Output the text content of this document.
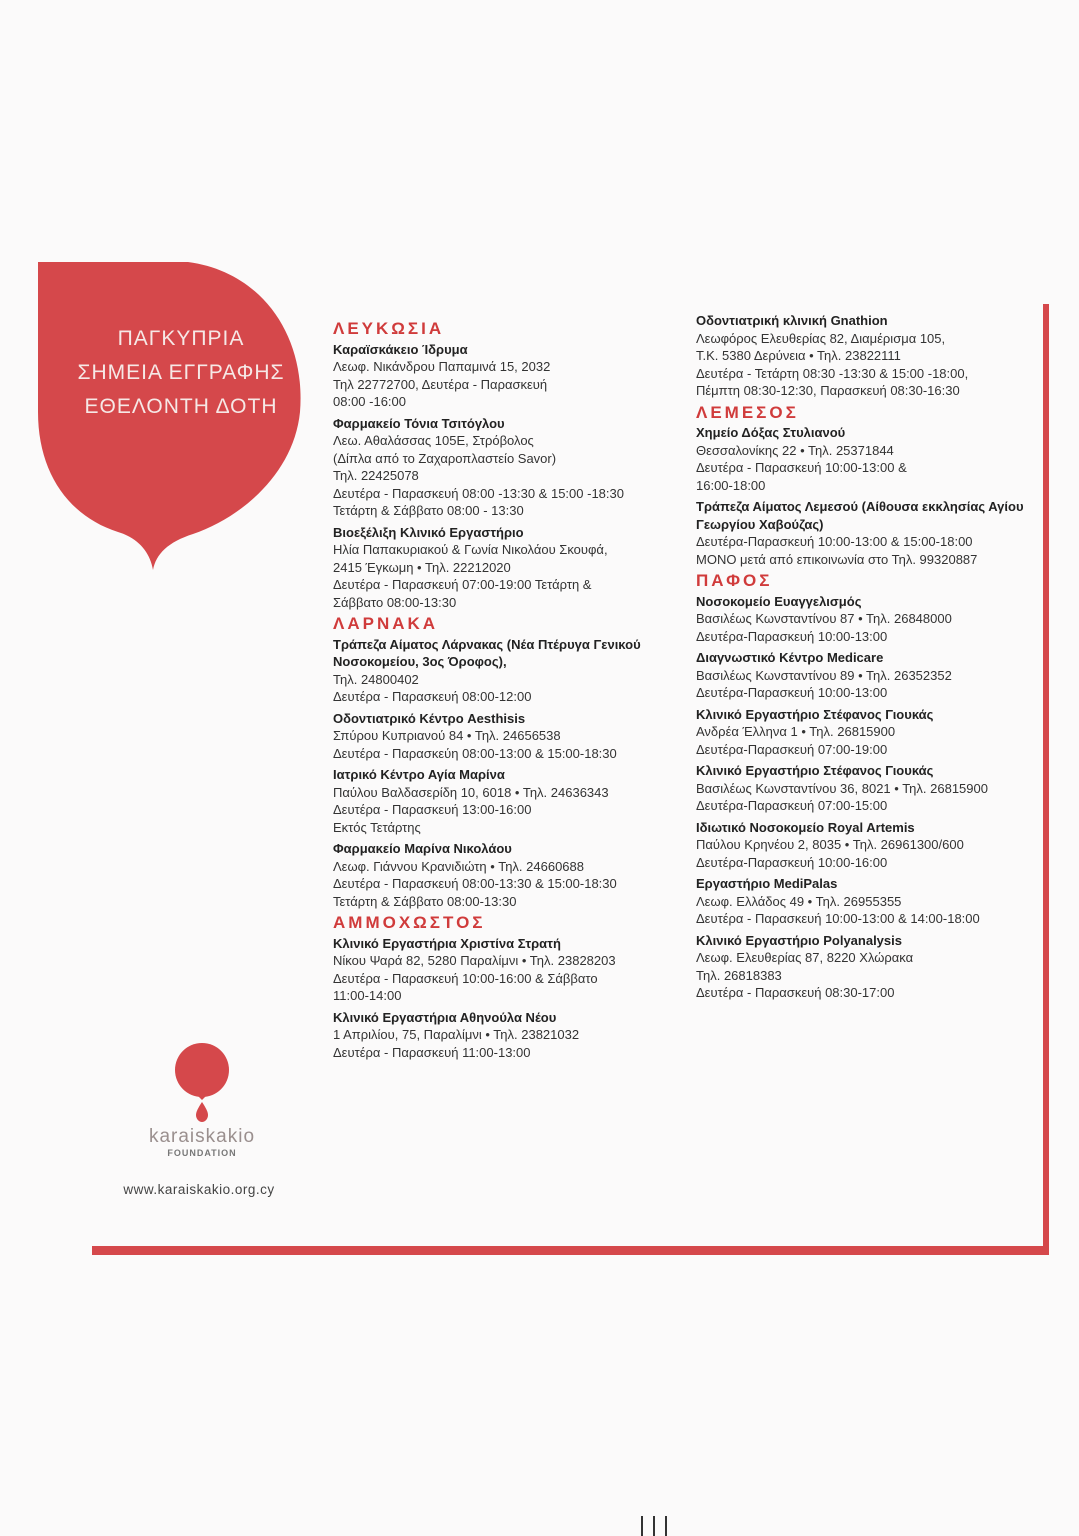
ΠΑΓΚΥΠΡΙΑ
ΣΗΜΕΙΑ ΕΓΓΡΑΦΗΣ
ΕΘΕΛΟΝΤΗ ΔΟΤΗ
karaiskakio
FOUNDATION
www.karaiskakio.org.cy
ΛΕΥΚΩΣΙΑ
Καραϊσκάκειο Ίδρυμα
Λεωφ. Νικάνδρου Παπαμινά 15, 2032
Τηλ 22772700, Δευτέρα - Παρασκευή
08:00 -16:00
Φαρμακείο Τόνια Τσιτόγλου
Λεω. Αθαλάσσας 105Ε, Στρόβολος
(Δίπλα από το Ζαχαροπλαστείο Savor)
Τηλ. 22425078
Δευτέρα - Παρασκευή 08:00 -13:30 & 15:00 -18:30
Τετάρτη & Σάββατο 08:00 - 13:30
Βιοεξέλιξη Κλινικό Εργαστήριο
Ηλία Παπακυριακού & Γωνία Νικολάου Σκουφά,
2415 Έγκωμη • Τηλ. 22212020
Δευτέρα - Παρασκευή 07:00-19:00 Τετάρτη &
Σάββατο 08:00-13:30
ΛΑΡΝΑΚΑ
Τράπεζα Αίματος Λάρνακας (Νέα Πτέρυγα Γενικού Νοσοκομείου, 3ος Όροφος),
Τηλ. 24800402
Δευτέρα - Παρασκευή 08:00-12:00
Οδοντιατρικό Κέντρο Aesthisis
Σπύρου Κυπριανού 84 • Τηλ. 24656538
Δευτέρα - Παρασκεύη 08:00-13:00 & 15:00-18:30
Ιατρικό Κέντρο Αγία Μαρίνα
Παύλου Βαλδασερίδη 10, 6018 • Τηλ. 24636343
Δευτέρα - Παρασκευή 13:00-16:00
Εκτός Τετάρτης
Φαρμακείο Μαρίνα Νικολάου
Λεωφ. Γιάννου Κρανιδιώτη • Τηλ. 24660688
Δευτέρα - Παρασκευή 08:00-13:30 & 15:00-18:30
Τετάρτη & Σάββατο 08:00-13:30
ΑΜΜΟΧΩΣΤΟΣ
Κλινικό Εργαστήρια Χριστίνα Στρατή
Νίκου Ψαρά 82, 5280 Παραλίμνι • Τηλ. 23828203
Δευτέρα - Παρασκευή 10:00-16:00 & Σάββατο
11:00-14:00
Κλινικό Εργαστήρια Αθηνούλα Νέου
1 Απριλίου, 75, Παραλίμνι • Τηλ. 23821032
Δευτέρα - Παρασκευή 11:00-13:00
Οδοντιατρική κλινική Gnathion
Λεωφόρος Ελευθερίας 82, Διαμέρισμα 105,
Τ.Κ. 5380 Δερύνεια • Τηλ. 23822111
Δευτέρα - Τετάρτη 08:30 -13:30 & 15:00 -18:00,
Πέμπτη 08:30-12:30, Παρασκευή 08:30-16:30
ΛΕΜΕΣΟΣ
Χημείο Δόξας Στυλιανού
Θεσσαλονίκης 22 • Τηλ. 25371844
Δευτέρα - Παρασκευή 10:00-13:00 &
16:00-18:00
Τράπεζα Αίματος Λεμεσού (Αίθουσα εκκλησίας Αγίου Γεωργίου Χαβούζας)
Δευτέρα-Παρασκευή 10:00-13:00 & 15:00-18:00
ΜΟΝΟ μετά από επικοινωνία στο Τηλ. 99320887
ΠΑΦΟΣ
Νοσοκομείο Ευαγγελισμός
Βασιλέως Κωνσταντίνου 87 • Τηλ. 26848000
Δευτέρα-Παρασκευή 10:00-13:00
Διαγνωστικό Κέντρο Medicare
Βασιλέως Κωνσταντίνου 89 • Τηλ. 26352352
Δευτέρα-Παρασκευή 10:00-13:00
Κλινικό Εργαστήριο Στέφανος Γιουκάς
Ανδρέα Έλληνα 1 • Τηλ. 26815900
Δευτέρα-Παρασκευή 07:00-19:00
Κλινικό Εργαστήριο Στέφανος Γιουκάς
Βασιλέως Κωνσταντίνου 36, 8021 • Τηλ. 26815900
Δευτέρα-Παρασκευή 07:00-15:00
Ιδιωτικό Νοσοκομείο Royal Artemis
Παύλου Κρηνέου 2, 8035 • Τηλ. 26961300/600
Δευτέρα-Παρασκευή 10:00-16:00
Εργαστήριο MediPalas
Λεωφ. Ελλάδος 49 • Τηλ. 26955355
Δευτέρα - Παρασκευή 10:00-13:00 & 14:00-18:00
Κλινικό Εργαστήριο Polyanalysis
Λεωφ. Ελευθερίας 87, 8220 Χλώρακα
Τηλ. 26818383
Δευτέρα - Παρασκευή 08:30-17:00
